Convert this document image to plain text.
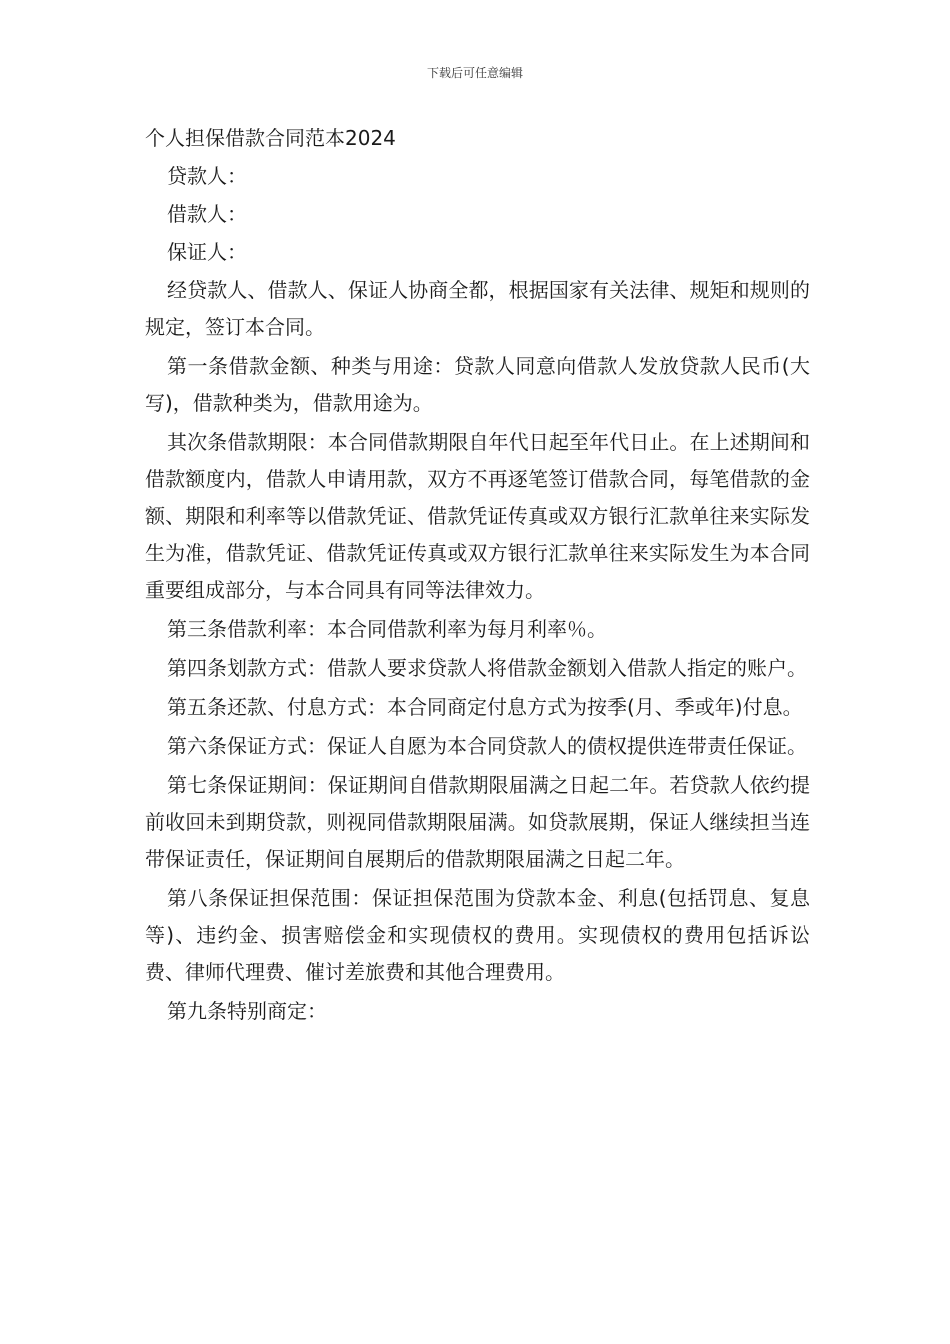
下载后可任意编辑
个人担保借款合同范本2024
贷款人：
借款人：
保证人：
经贷款人、借款人、保证人协商全都，根据国家有关法律、规矩和规则的规定，签订本合同。
第一条借款金额、种类与用途：贷款人同意向借款人发放贷款人民币(大写)，借款种类为，借款用途为。
其次条借款期限：本合同借款期限自年代日起至年代日止。在上述期间和借款额度内，借款人申请用款，双方不再逐笔签订借款合同，每笔借款的金额、期限和利率等以借款凭证、借款凭证传真或双方银行汇款单往来实际发生为准，借款凭证、借款凭证传真或双方银行汇款单往来实际发生为本合同重要组成部分，与本合同具有同等法律效力。
第三条借款利率：本合同借款利率为每月利率％。
第四条划款方式：借款人要求贷款人将借款金额划入借款人指定的账户。
第五条还款、付息方式：本合同商定付息方式为按季(月、季或年)付息。
第六条保证方式：保证人自愿为本合同贷款人的债权提供连带责任保证。
第七条保证期间：保证期间自借款期限届满之日起二年。若贷款人依约提前收回未到期贷款，则视同借款期限届满。如贷款展期，保证人继续担当连带保证责任，保证期间自展期后的借款期限届满之日起二年。
第八条保证担保范围：保证担保范围为贷款本金、利息(包括罚息、复息等)、违约金、损害赔偿金和实现债权的费用。实现债权的费用包括诉讼费、律师代理费、催讨差旅费和其他合理费用。
第九条特别商定：
